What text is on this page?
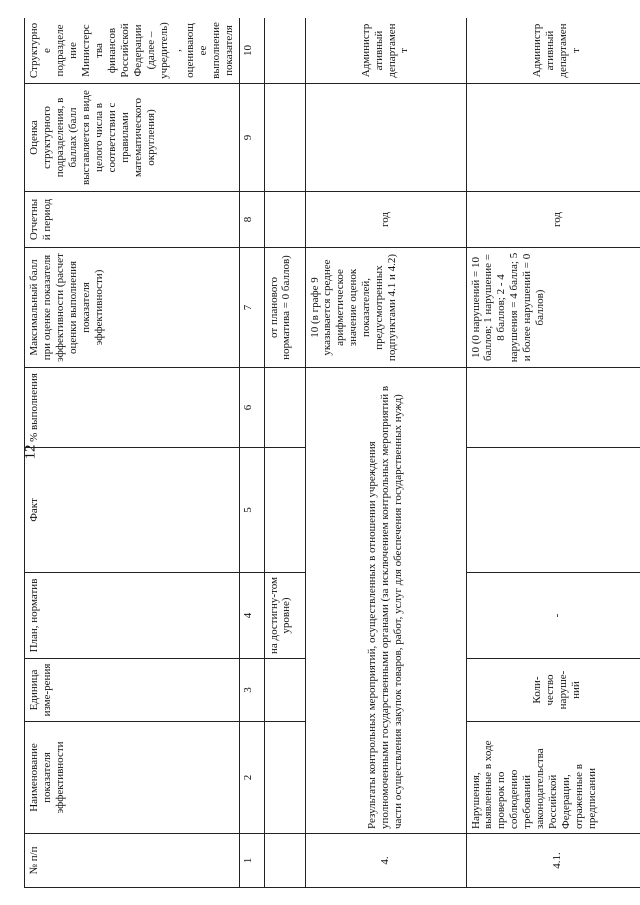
12
№ п/п	Наименование показателя эффективности	Единица изме-рения	План, норматив	Факт	% выполнения	Максимальный балл при оценке показателя эффективности (расчет оценки выполнения показателя эффективности)	Отчетный период	Оценка структурного подразделения, в баллах (балл выставляется в виде целого числа в соответствии с правилами математического округления)	Структурное подразделение Министерства финансов Российской Федерации (далее – учредитель), оценивающее выполнение показателя
1	2	3	4	5	6	7	8	9	10
			на достигну-том уровне)			от планового норматива = 0 баллов)			
4.	Результаты контрольных мероприятий, осуществленных в отношении учреждения уполномоченными государственными органами (за исключением контрольных мероприятий в части осуществления закупок товаров, работ, услуг для обеспечения государственных нужд)					10 (в графе 9 указывается среднее арифметическое значение оценок показателей, предусмотренных подпунктами 4.1 и 4.2)	год		Административный департамент
4.1.	Нарушения, выявленные в ходе проверок по соблюдению требований законодательства Российской Федерации, отраженные в предписании	Коли-чество наруше-ний	-			10 (0 нарушений = 10 баллов; 1 нарушение = 8 баллов; 2 - 4 нарушения = 4 балла; 5 и более нарушений = 0 баллов)	год		Административный департамент
